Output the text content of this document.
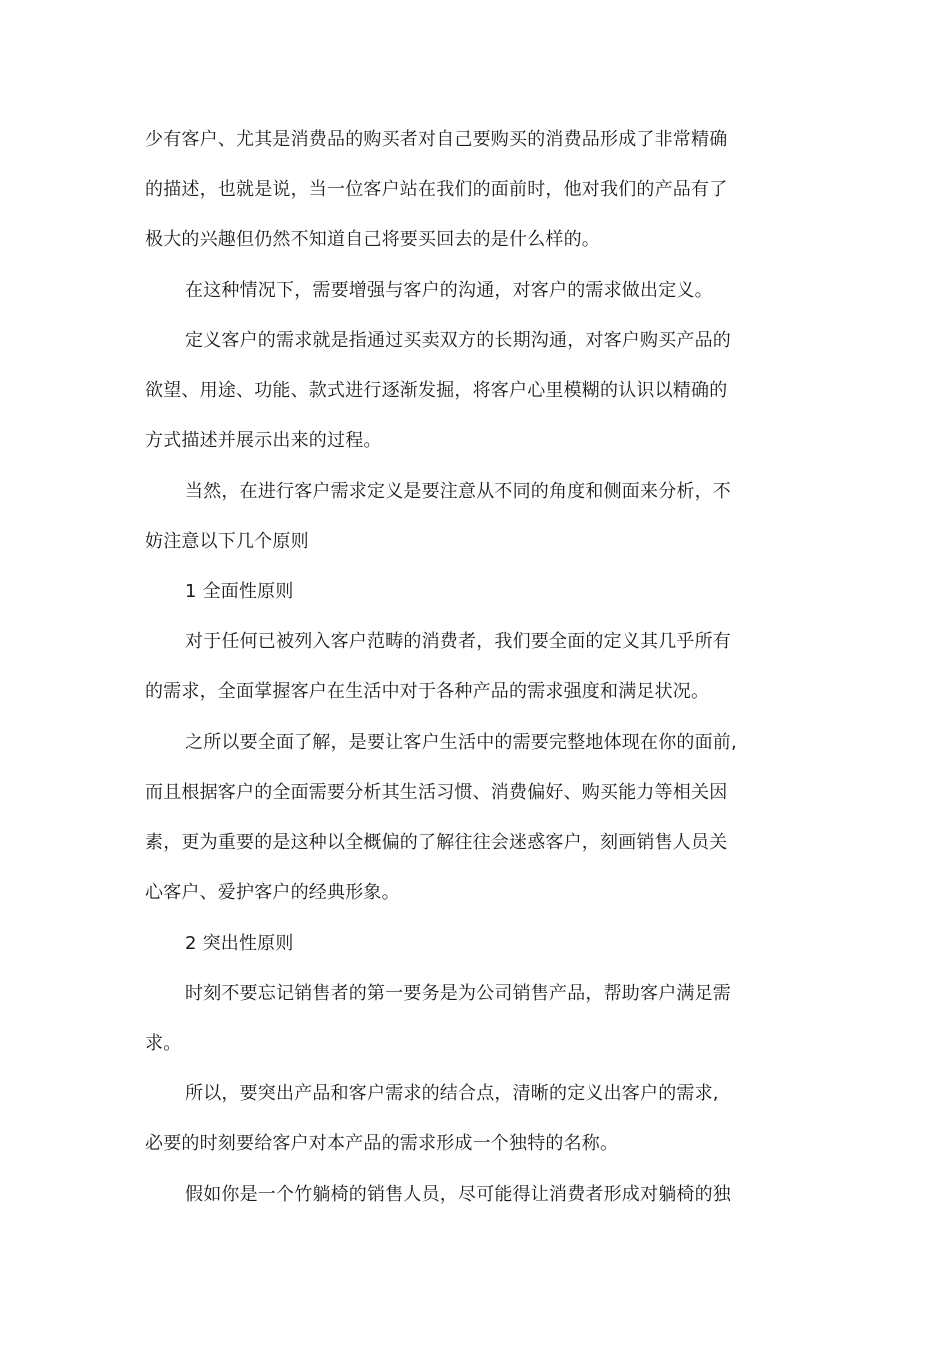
少有客户、尤其是消费品的购买者对自己要购买的消费品形成了非常精确
的描述，也就是说，当一位客户站在我们的面前时，他对我们的产品有了
极大的兴趣但仍然不知道自己将要买回去的是什么样的。
在这种情况下，需要增强与客户的沟通，对客户的需求做出定义。
定义客户的需求就是指通过买卖双方的长期沟通，对客户购买产品的
欲望、用途、功能、款式进行逐渐发掘，将客户心里模糊的认识以精确的
方式描述并展示出来的过程。
当然，在进行客户需求定义是要注意从不同的角度和侧面来分析，不
妨注意以下几个原则
1 全面性原则
对于任何已被列入客户范畴的消费者，我们要全面的定义其几乎所有
的需求，全面掌握客户在生活中对于各种产品的需求强度和满足状况。
之所以要全面了解，是要让客户生活中的需要完整地体现在你的面前,
而且根据客户的全面需要分析其生活习惯、消费偏好、购买能力等相关因
素，更为重要的是这种以全概偏的了解往往会迷惑客户，刻画销售人员关
心客户、爱护客户的经典形象。
2 突出性原则
时刻不要忘记销售者的第一要务是为公司销售产品，帮助客户满足需
求。
所以，要突出产品和客户需求的结合点，清晰的定义出客户的需求,
必要的时刻要给客户对本产品的需求形成一个独特的名称。
假如你是一个竹躺椅的销售人员，尽可能得让消费者形成对躺椅的独
